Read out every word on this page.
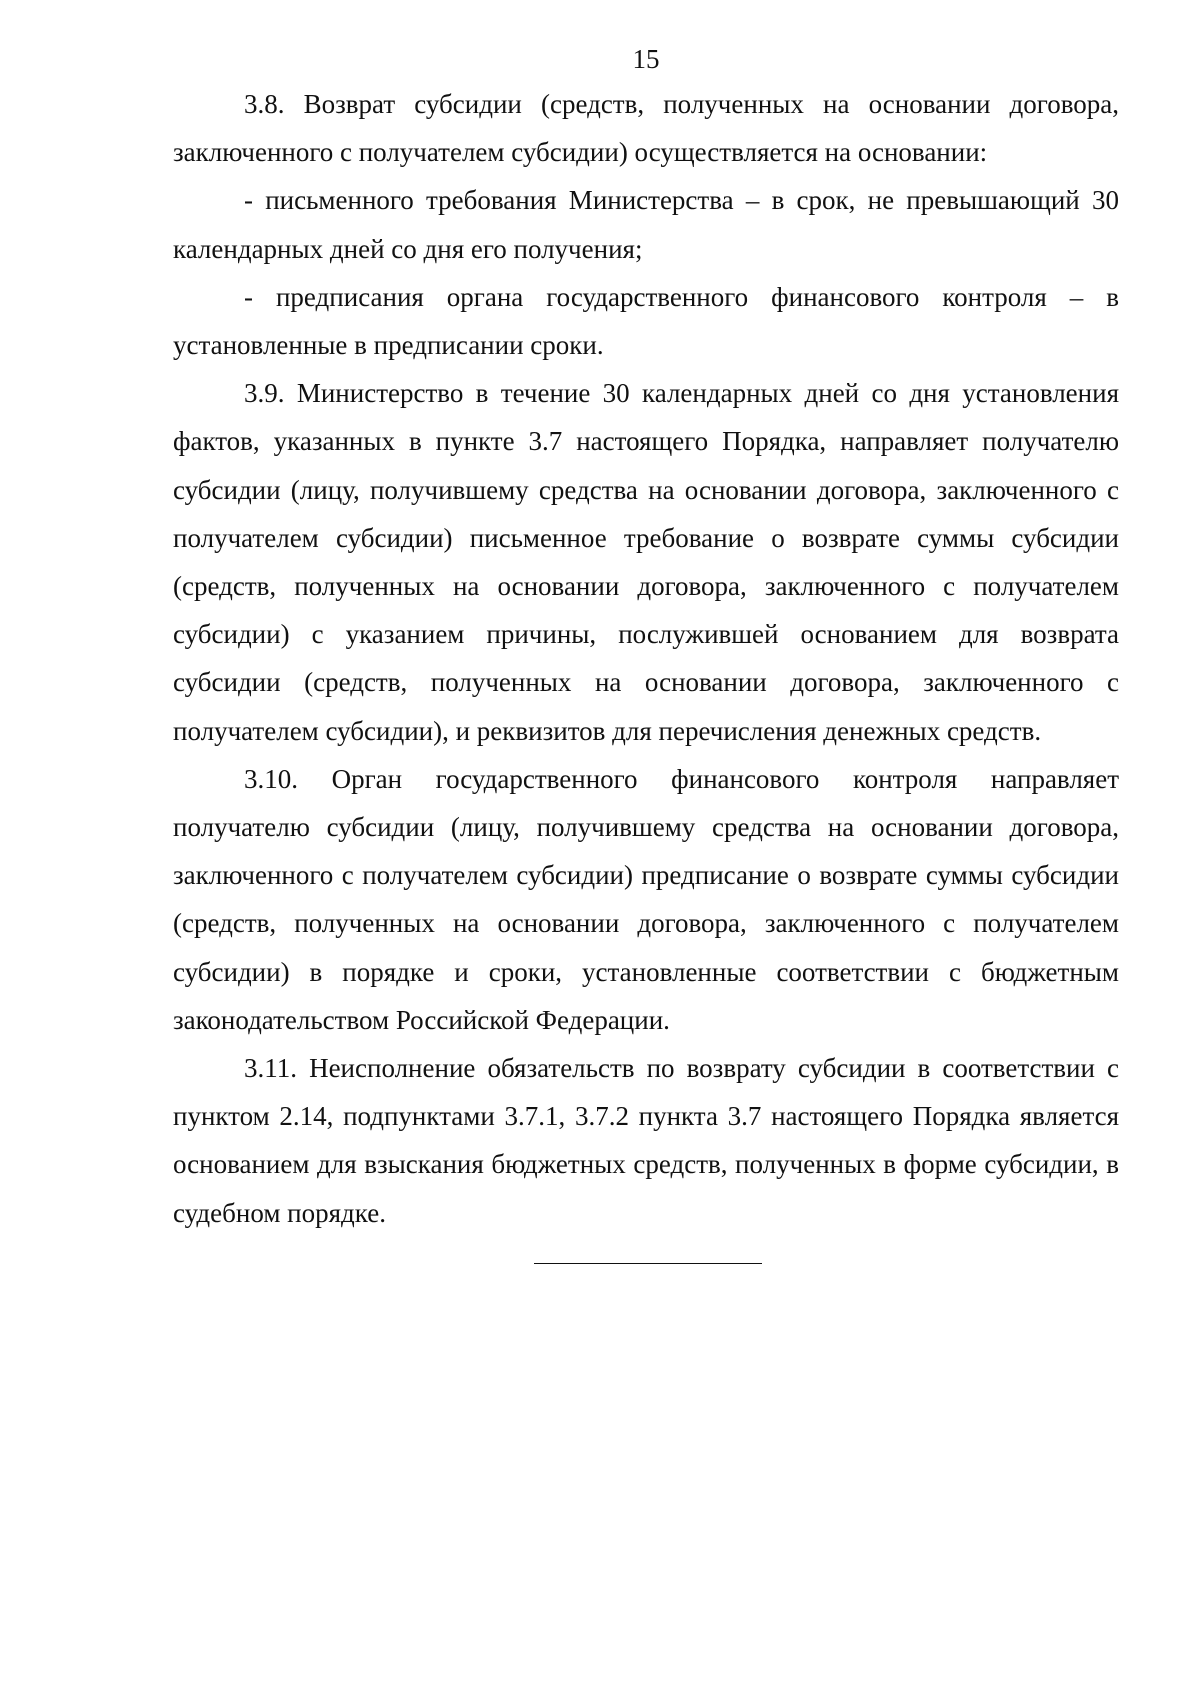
15

3.8. Возврат субсидии (средств, полученных на основании договора, заключенного с получателем субсидии) осуществляется на основании:

- письменного требования Министерства – в срок, не превышающий 30 календарных дней со дня его получения;

- предписания органа государственного финансового контроля – в установленные в предписании сроки.

3.9. Министерство в течение 30 календарных дней со дня установления фактов, указанных в пункте 3.7 настоящего Порядка, направляет получателю субсидии (лицу, получившему средства на основании договора, заключенного с получателем субсидии) письменное требование о возврате суммы субсидии (средств, полученных на основании договора, заключенного с получателем субсидии) с указанием причины, послужившей основанием для возврата субсидии (средств, полученных на основании договора, заключенного с получателем субсидии), и реквизитов для перечисления денежных средств.

3.10. Орган государственного финансового контроля направляет получателю субсидии (лицу, получившему средства на основании договора, заключенного с получателем субсидии) предписание о возврате суммы субсидии (средств, полученных на основании договора, заключенного с получателем субсидии) в порядке и сроки, установленные соответствии с бюджетным законодательством Российской Федерации.

3.11. Неисполнение обязательств по возврату субсидии в соответствии с пунктом 2.14, подпунктами 3.7.1, 3.7.2 пункта 3.7 настоящего Порядка является основанием для взыскания бюджетных средств, полученных в форме субсидии, в судебном порядке.
